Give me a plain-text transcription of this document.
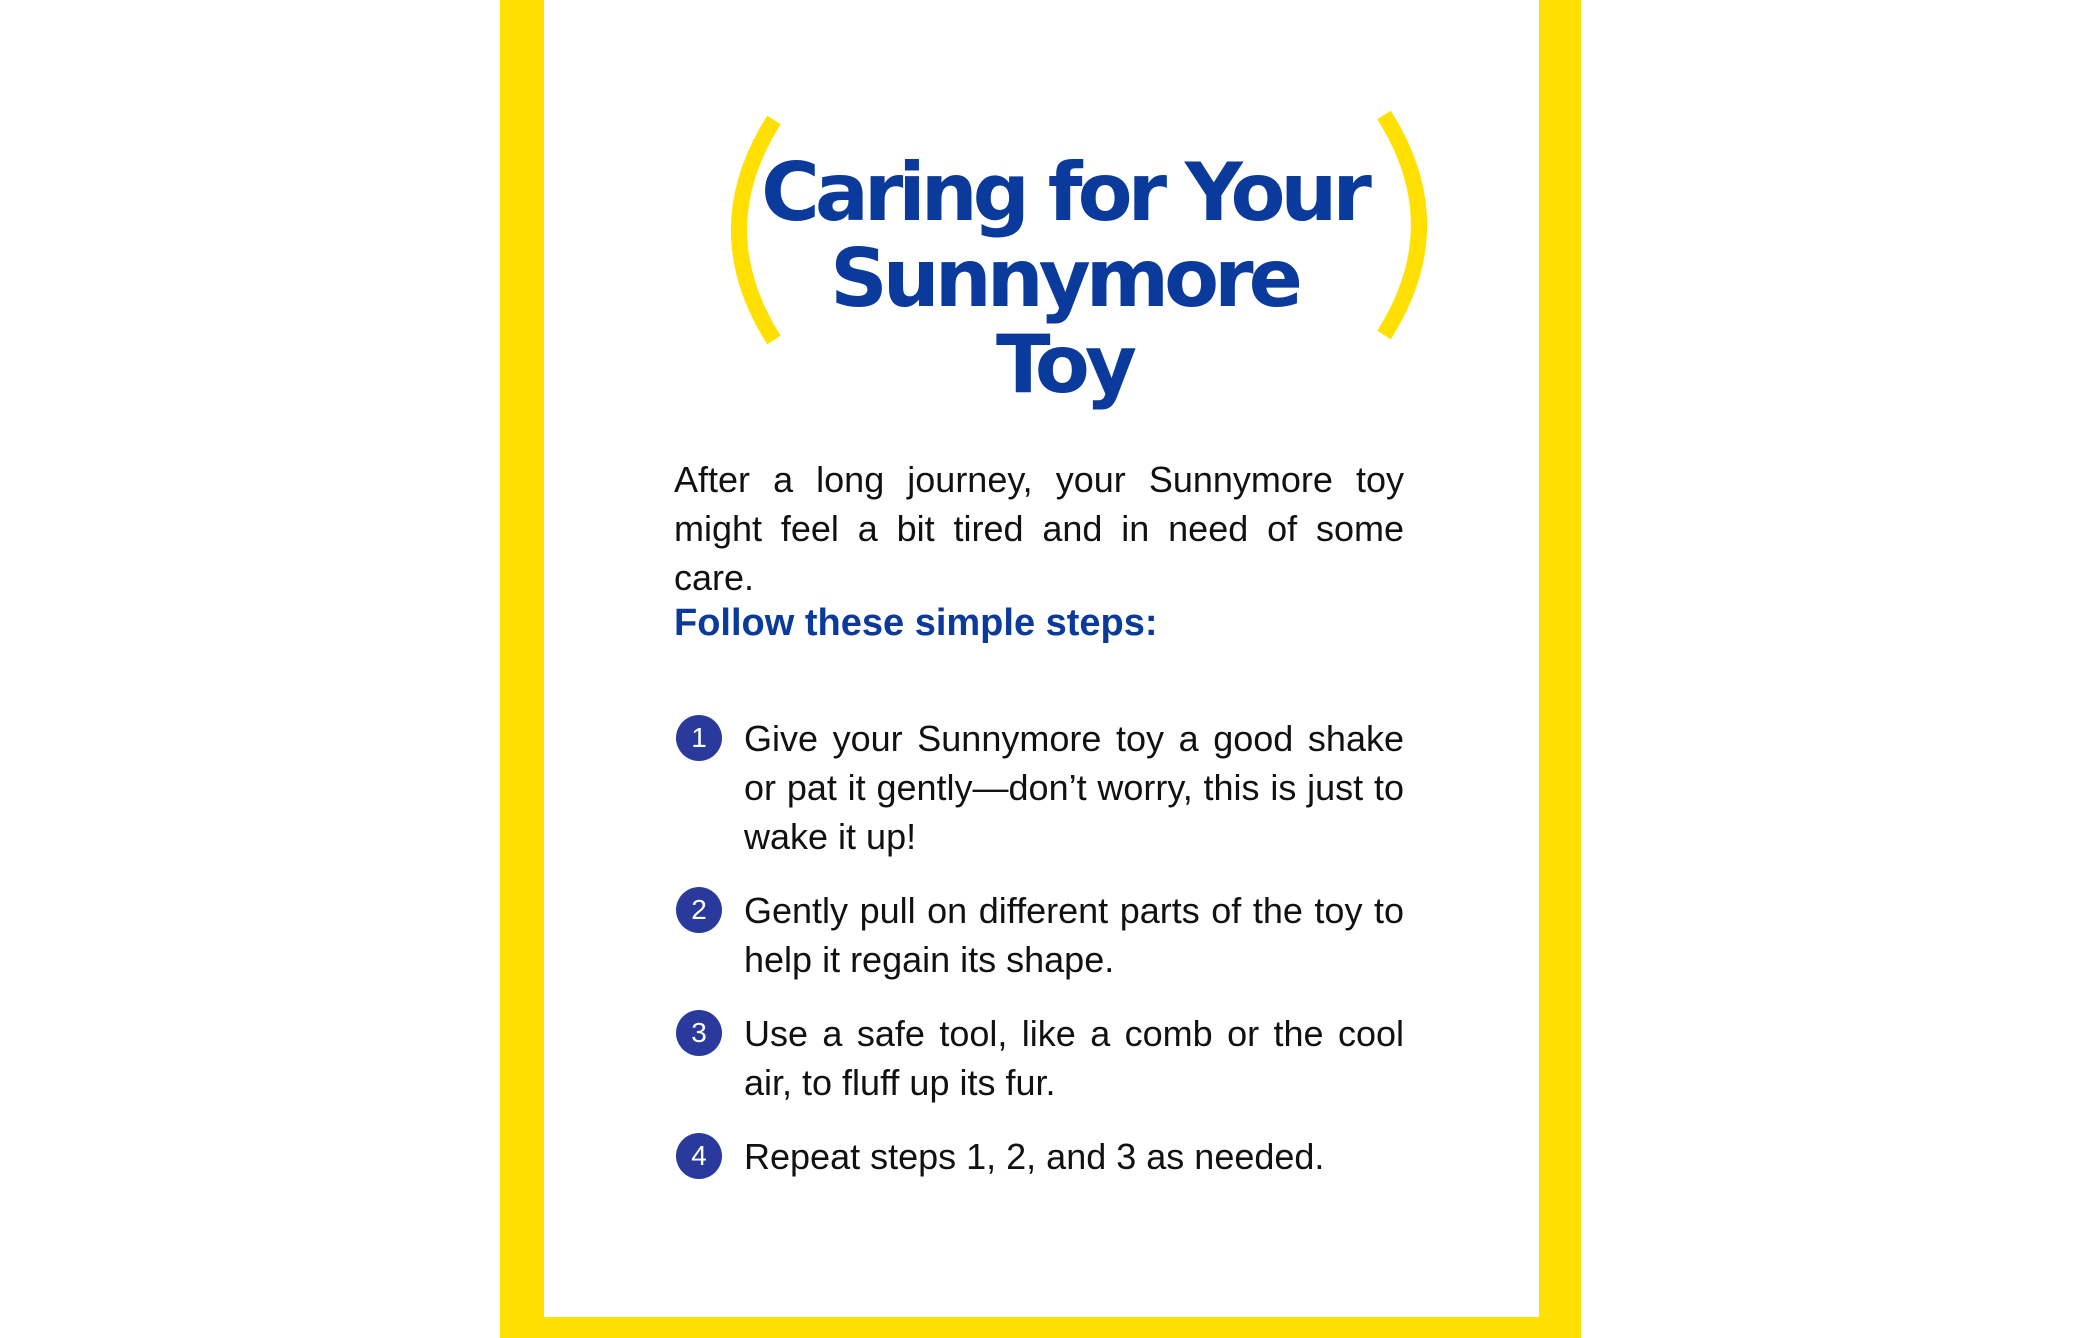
Caring for Your
Sunnymore Toy

After a long journey, your Sunnymore toy might feel a bit tired and in need of some care.

Follow these simple steps:
1	Give your Sunnymore toy a good shake or pat it gently—don’t worry, this is just to wake it up!
2	Gently pull on different parts of the toy to help it regain its shape.
3	Use a safe tool, like a comb or the cool air, to fluff up its fur.
4	Repeat steps 1, 2, and 3 as needed.
